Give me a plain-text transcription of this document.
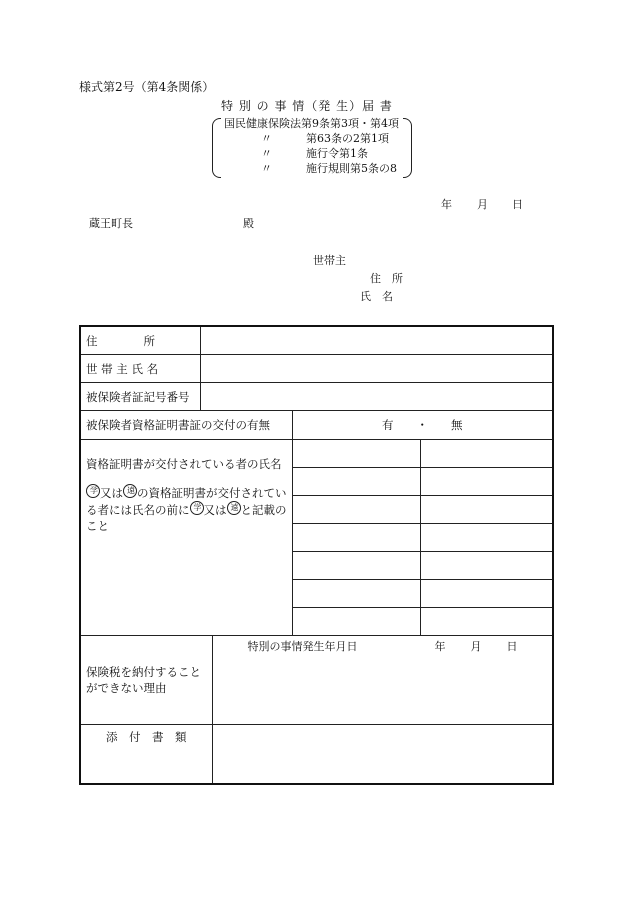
様式第2号（第4条関係）
特 別 の 事 情（発 生）届 書
国民健康保険法第9条第3項・第4項
〃	第63条の2第1項
〃	施行令第1条
〃	施行規則第5条の8
年 月 日
蔵王町長	殿
世帯主
住　所
氏　名
住　　　　所				
世 帯 主 氏 名				
被保険者証記号番号				
被保険者資格証明書証の交付の有無			有　　・　　無	

資格証明書が交付されている者の氏名
学 又は 遠 の資格証明書が交付されている者には氏名の前に 学 又は 遠 と記載のこと				

保険税を納付することができない理由		特別の事情発生年月日 年 月 日		

添　付　書　類				
